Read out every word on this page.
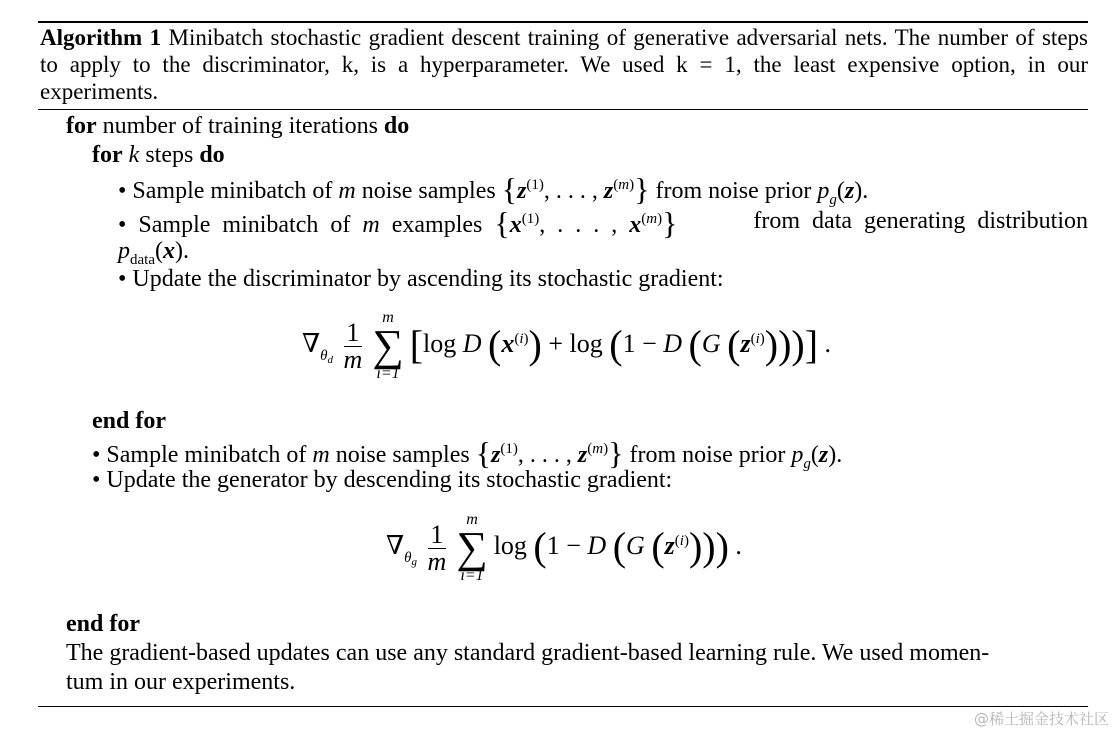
Algorithm 1 Minibatch stochastic gradient descent training of generative adversarial nets. The number of steps to apply to the discriminator, k, is a hyperparameter. We used k = 1, the least expensive option, in our experiments.
for number of training iterations do
for k steps do
• Sample minibatch of m noise samples {$z^{(1)}$, . . . , $z^{(m)}$} from noise prior $p_g(z)$.
• Sample minibatch of m examples {$x^{(1)}$, . . . , $x^{(m)}$}	from data generating distribution
$p_{data}(x)$.
• Update the discriminator by ascending its stochastic gradient:
$\nabla_{\theta_d} \frac{1}{m}$
m
∑
i=1
[log D $(x^{(i)}) + \log (1 - D$ (G $(z^{(i)})$))] .
end for
• Sample minibatch of m noise samples {$z^{(1)}$, . . . , $z^{(m)}$} from noise prior $p_g(z)$.
• Update the generator by descending its stochastic gradient:
$\nabla_{\theta_g} \frac{1}{m}$
m
∑
i=1
log (1 − D (G $(z^{(i)})$)) .
end for
The gradient-based updates can use any standard gradient-based learning rule. We used momen-
tum in our experiments.
@稀土掘金技术社区
